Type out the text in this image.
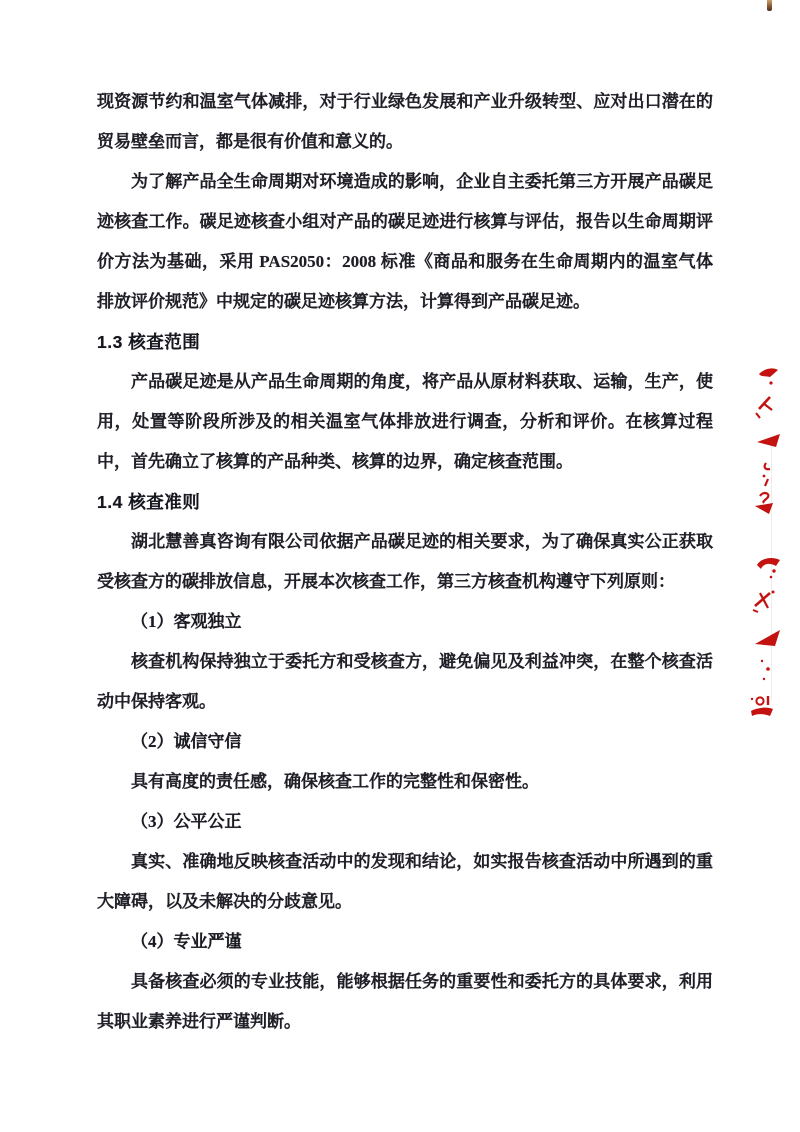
现资源节约和温室气体减排，对于行业绿色发展和产业升级转型、应对出口潜在的贸易壁垒而言，都是很有价值和意义的。

为了解产品全生命周期对环境造成的影响，企业自主委托第三方开展产品碳足迹核查工作。碳足迹核查小组对产品的碳足迹进行核算与评估，报告以生命周期评价方法为基础，采用 PAS2050：2008 标准《商品和服务在生命周期内的温室气体排放评价规范》中规定的碳足迹核算方法，计算得到产品碳足迹。

1.3 核查范围

产品碳足迹是从产品生命周期的角度，将产品从原材料获取、运输，生产，使用，处置等阶段所涉及的相关温室气体排放进行调查，分析和评价。在核算过程中，首先确立了核算的产品种类、核算的边界，确定核查范围。

1.4 核查准则

湖北慧善真咨询有限公司依据产品碳足迹的相关要求，为了确保真实公正获取受核查方的碳排放信息，开展本次核查工作，第三方核查机构遵守下列原则：

（1）客观独立

核查机构保持独立于委托方和受核查方，避免偏见及利益冲突，在整个核查活动中保持客观。

（2）诚信守信

具有高度的责任感，确保核查工作的完整性和保密性。

（3）公平公正

真实、准确地反映核查活动中的发现和结论，如实报告核查活动中所遇到的重大障碍，以及未解决的分歧意见。

（4）专业严谨

具备核查必须的专业技能，能够根据任务的重要性和委托方的具体要求，利用其职业素养进行严谨判断。
